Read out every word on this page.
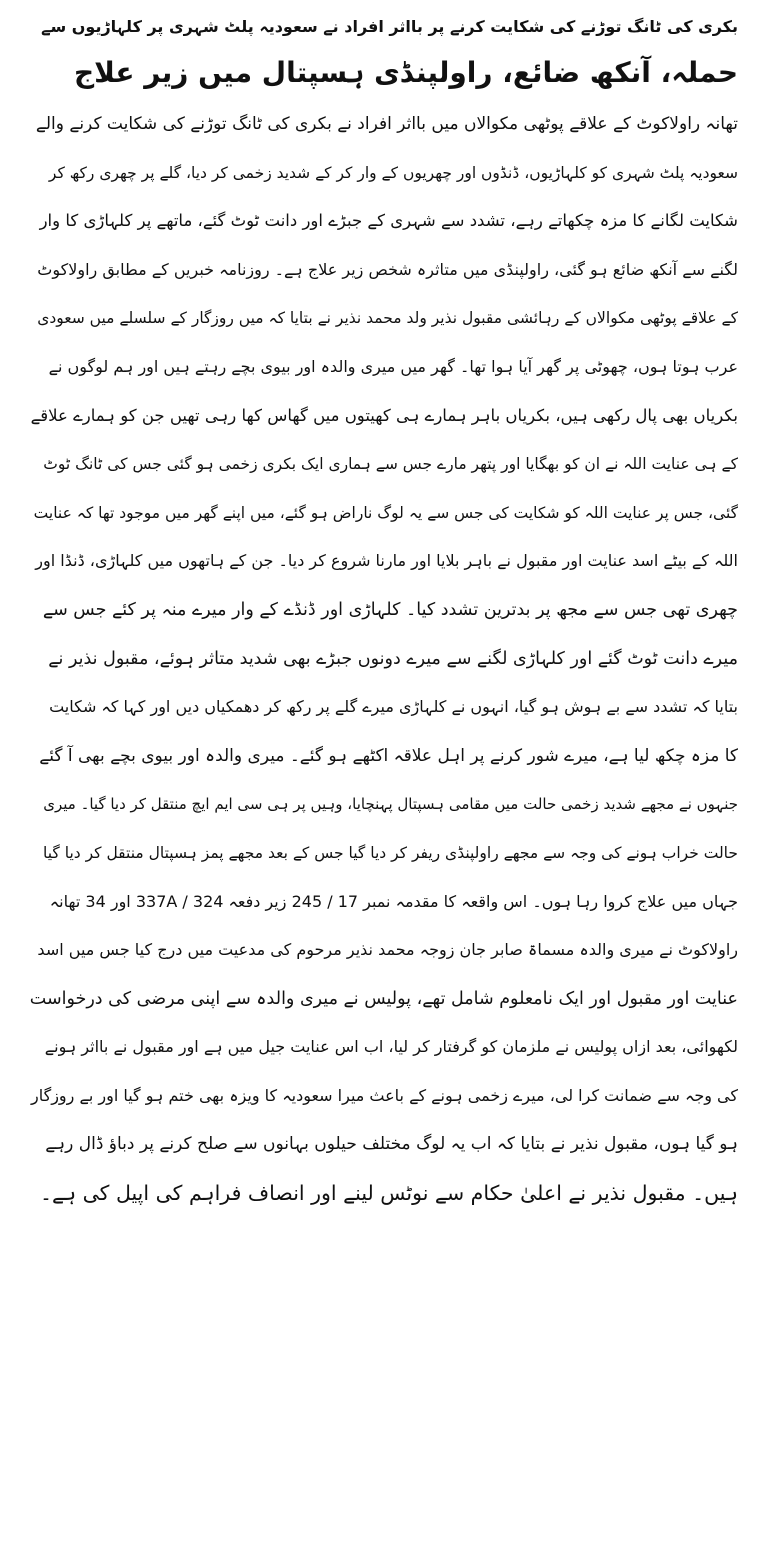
بکری کی ٹانگ توڑنے کی شکایت کرنے پر بااثر افراد نے سعودیہ پلٹ شہری پر کلہاڑیوں سے
حملہ، آنکھ ضائع، راولپنڈی ہسپتال میں زیر علاج
تھانہ راولاکوٹ کے علاقے پوٹھی مکوالاں میں بااثر افراد نے بکری کی ٹانگ توڑنے کی شکایت کرنے والے
سعودیہ پلٹ شہری کو کلہاڑیوں، ڈنڈوں اور چھریوں کے وار کر کے شدید زخمی کر دیا، گلے پر چھری رکھ کر
شکایت لگانے کا مزہ چکھاتے رہے، تشدد سے شہری کے جبڑے اور دانت ٹوٹ گئے، ماتھے پر کلہاڑی کا وار
لگنے سے آنکھ ضائع ہو گئی، راولپنڈی میں متاثرہ شخص زیر علاج ہے۔ روزنامہ خبریں کے مطابق راولاکوٹ
کے علاقے پوٹھی مکوالاں کے رہائشی مقبول نذیر ولد محمد نذیر نے بتایا کہ میں روزگار کے سلسلے میں سعودی
عرب ہوتا ہوں، چھوٹی پر گھر آیا ہوا تھا۔ گھر میں میری والدہ اور بیوی بچے رہتے ہیں اور ہم لوگوں نے
بکریاں بھی پال رکھی ہیں، بکریاں باہر ہمارے ہی کھیتوں میں گھاس کھا رہی تھیں جن کو ہمارے علاقے
کے ہی عنایت اللہ نے ان کو بھگایا اور پتھر مارے جس سے ہماری ایک بکری زخمی ہو گئی جس کی ٹانگ ٹوٹ
گئی، جس پر عنایت اللہ کو شکایت کی جس سے یہ لوگ ناراض ہو گئے، میں اپنے گھر میں موجود تھا کہ عنایت
اللہ کے بیٹے اسد عنایت اور مقبول نے باہر بلایا اور مارنا شروع کر دیا۔ جن کے ہاتھوں میں کلہاڑی، ڈنڈا اور
چھری تھی جس سے مجھ پر بدترین تشدد کیا۔ کلہاڑی اور ڈنڈے کے وار میرے منہ پر کئے جس سے
میرے دانت ٹوٹ گئے اور کلہاڑی لگنے سے میرے دونوں جبڑے بھی شدید متاثر ہوئے، مقبول نذیر نے
بتایا کہ تشدد سے بے ہوش ہو گیا، انہوں نے کلہاڑی میرے گلے پر رکھ کر دھمکیاں دیں اور کہا کہ شکایت
کا مزہ چکھ لیا ہے، میرے شور کرنے پر اہل علاقہ اکٹھے ہو گئے۔ میری والدہ اور بیوی بچے بھی آ گئے
جنہوں نے مجھے شدید زخمی حالت میں مقامی ہسپتال پہنچایا، وہیں پر ہی سی ایم ایچ منتقل کر دیا گیا۔ میری
حالت خراب ہونے کی وجہ سے مجھے راولپنڈی ریفر کر دیا گیا جس کے بعد مجھے پمز ہسپتال منتقل کر دیا گیا
جہاں میں علاج کروا رہا ہوں۔ اس واقعہ کا مقدمہ نمبر 17 / 245 زیر دفعہ 337A / 324 اور 34 تھانہ
راولاکوٹ نے میری والدہ مسماۃ صابر جان زوجہ محمد نذیر مرحوم کی مدعیت میں درج کیا جس میں اسد
عنایت اور مقبول اور ایک نامعلوم شامل تھے، پولیس نے میری والدہ سے اپنی مرضی کی درخواست
لکھوائی، بعد ازاں پولیس نے ملزمان کو گرفتار کر لیا، اب اس عنایت جیل میں ہے اور مقبول نے بااثر ہونے
کی وجہ سے ضمانت کرا لی، میرے زخمی ہونے کے باعث میرا سعودیہ کا ویزہ بھی ختم ہو گیا اور بے روزگار
ہو گیا ہوں، مقبول نذیر نے بتایا کہ اب یہ لوگ مختلف حیلوں بہانوں سے صلح کرنے پر دباؤ ڈال رہے
ہیں۔ مقبول نذیر نے اعلیٰ حکام سے نوٹس لینے اور انصاف فراہم کی اپیل کی ہے۔
